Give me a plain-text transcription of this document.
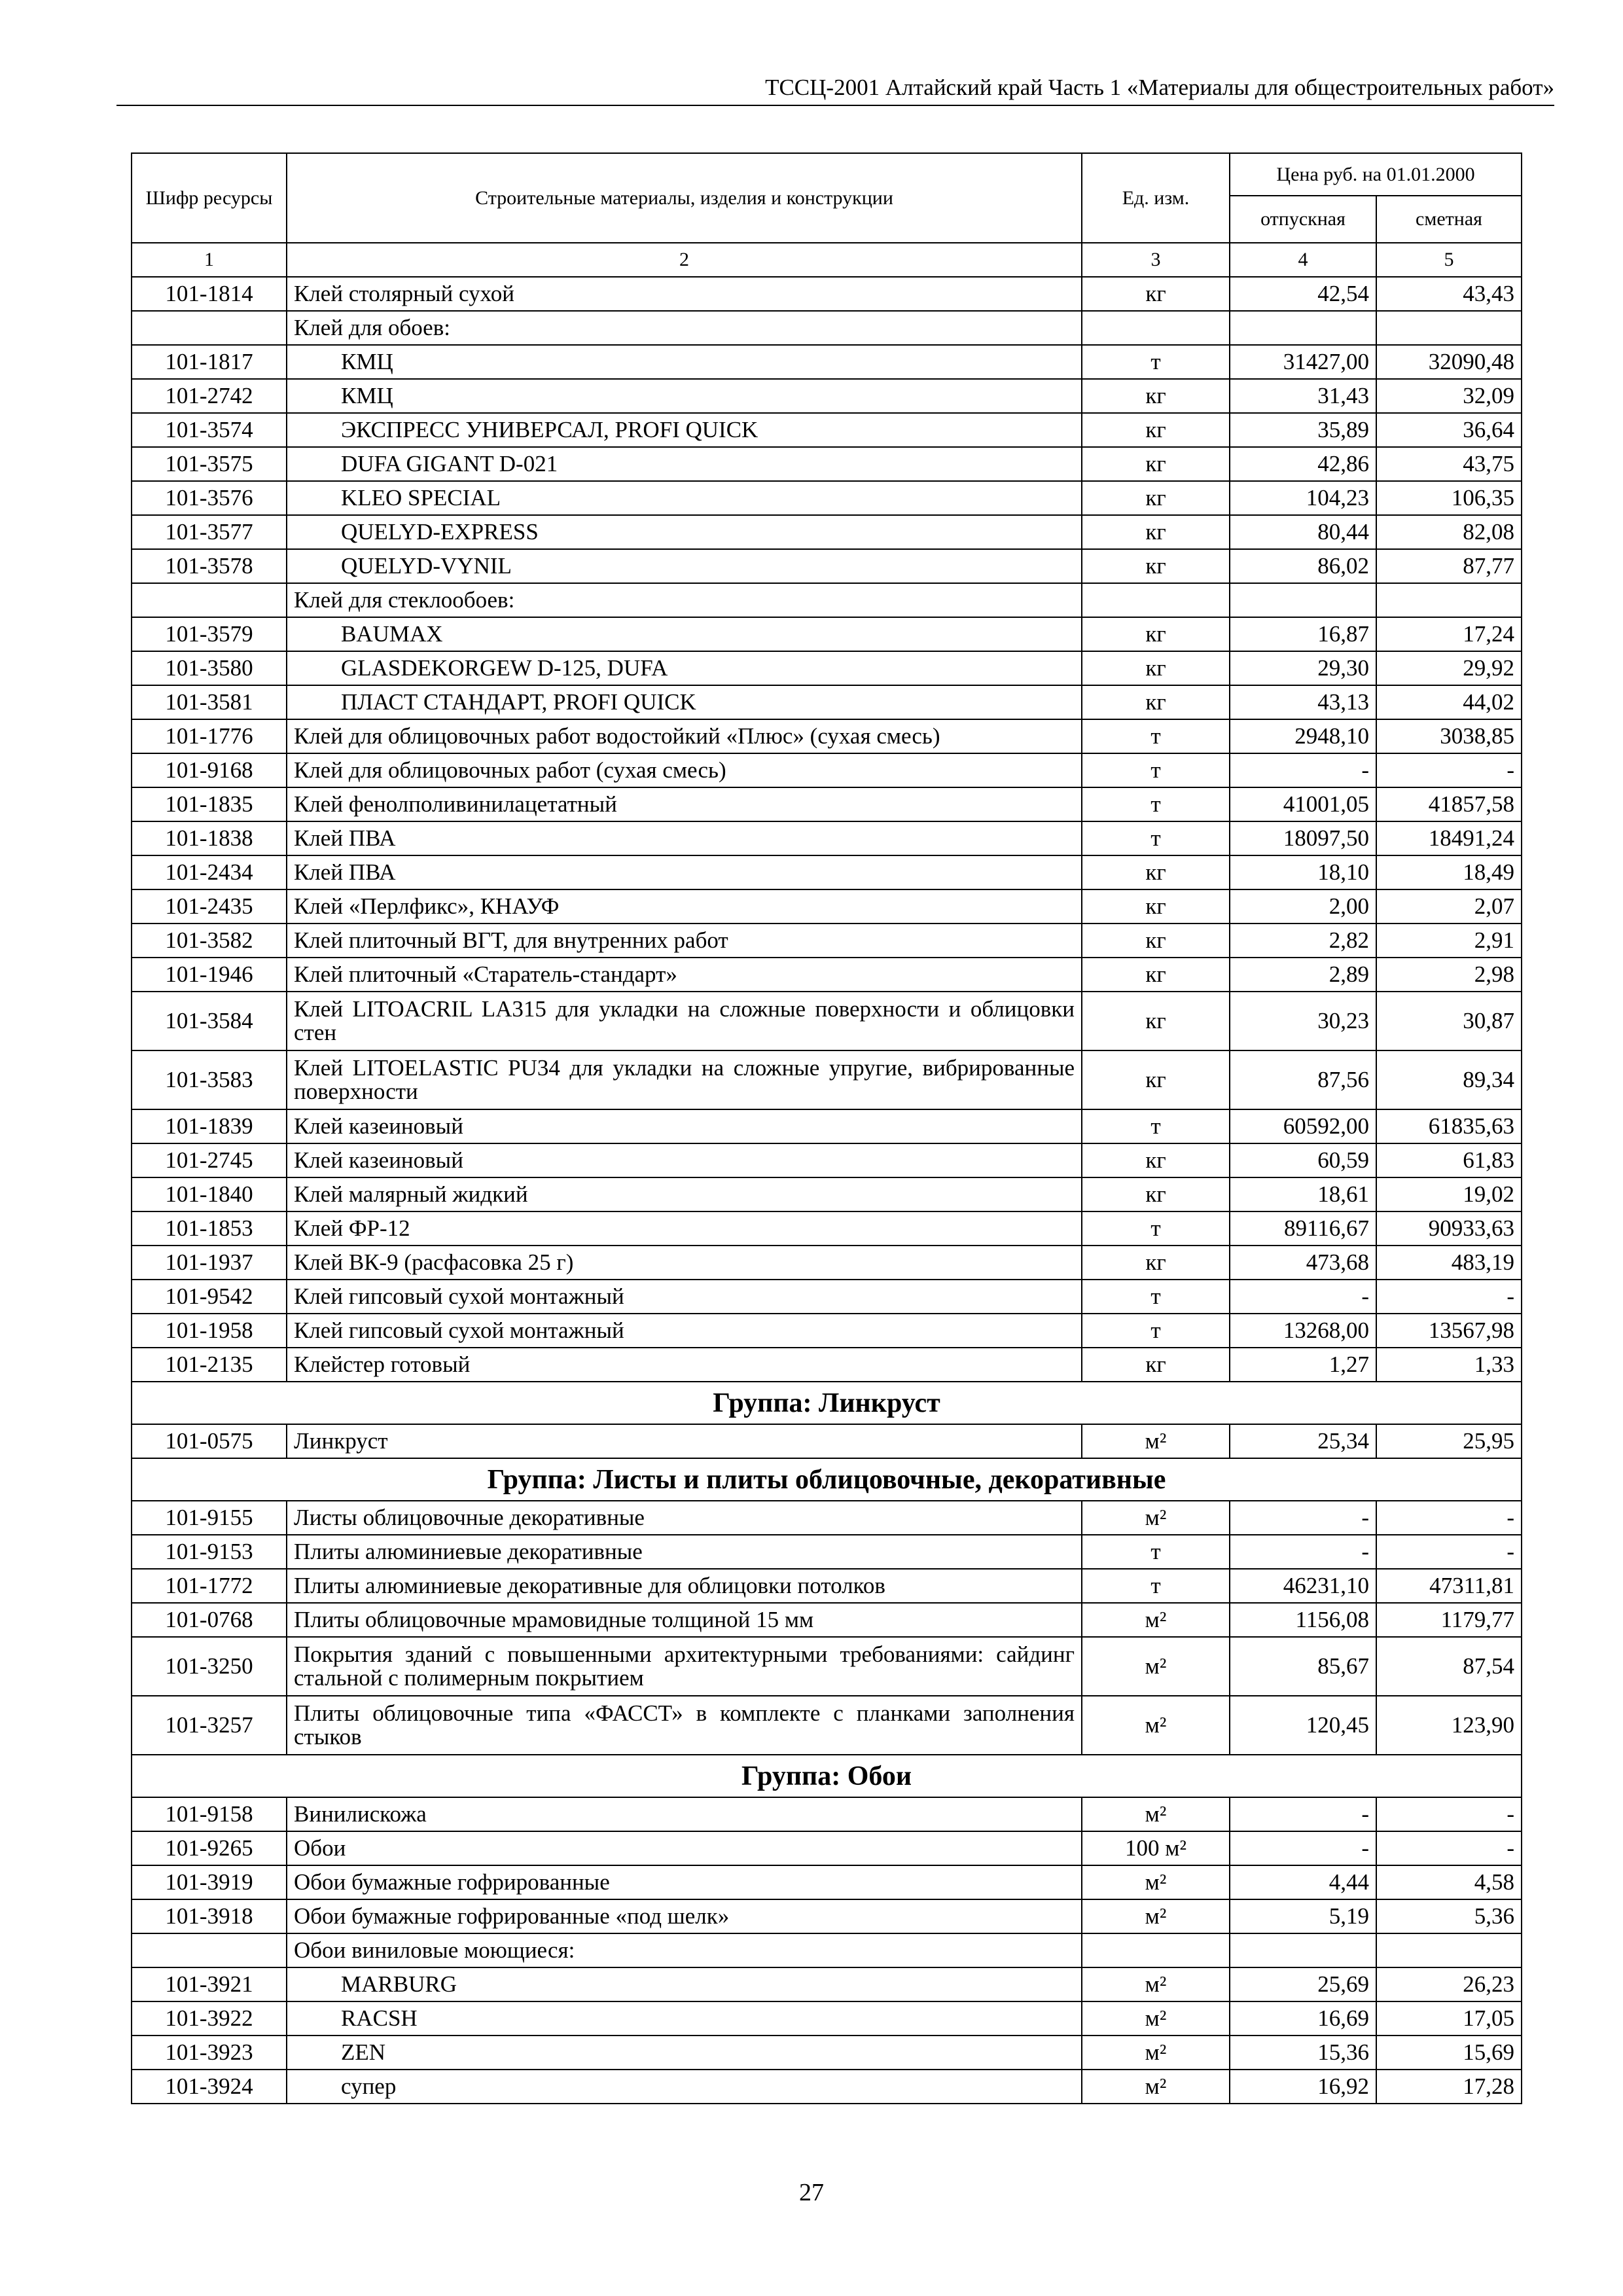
ТССЦ-2001 Алтайский край Часть 1 «Материалы для общестроительных работ»
Шифр ресурсы	Строительные материалы, изделия и конструкции	Ед. изм.	Цена руб. на 01.01.2000	
			отпускная	сметная
1	2	3	4	5
101-1814	Клей столярный сухой	кг	42,54	43,43
	Клей для обоев:			
101-1817	КМЦ	т	31427,00	32090,48
101-2742	КМЦ	кг	31,43	32,09
101-3574	ЭКСПРЕСС УНИВЕРСАЛ, PROFI QUICK	кг	35,89	36,64
101-3575	DUFA GIGANT D-021	кг	42,86	43,75
101-3576	KLEO SPECIAL	кг	104,23	106,35
101-3577	QUELYD-EXPRESS	кг	80,44	82,08
101-3578	QUELYD-VYNIL	кг	86,02	87,77
	Клей для стеклообоев:			
101-3579	BAUMAX	кг	16,87	17,24
101-3580	GLASDEKORGEW D-125, DUFA	кг	29,30	29,92
101-3581	ПЛАСТ СТАНДАРТ, PROFI QUICK	кг	43,13	44,02
101-1776	Клей для облицовочных работ водостойкий «Плюс» (сухая смесь)	т	2948,10	3038,85
101-9168	Клей для облицовочных работ (сухая смесь)	т	-	-
101-1835	Клей фенолполивинилацетатный	т	41001,05	41857,58
101-1838	Клей ПВА	т	18097,50	18491,24
101-2434	Клей ПВА	кг	18,10	18,49
101-2435	Клей «Перлфикс», КНАУФ	кг	2,00	2,07
101-3582	Клей плиточный ВГТ, для внутренних работ	кг	2,82	2,91
101-1946	Клей плиточный «Старатель-стандарт»	кг	2,89	2,98
101-3584	Клей LITOACRIL LA315 для укладки на сложные поверхности и облицовки стен	кг	30,23	30,87
101-3583	Клей LITOELASTIC PU34 для укладки на сложные упругие, вибрированные поверхности	кг	87,56	89,34
101-1839	Клей казеиновый	т	60592,00	61835,63
101-2745	Клей казеиновый	кг	60,59	61,83
101-1840	Клей малярный жидкий	кг	18,61	19,02
101-1853	Клей ФР-12	т	89116,67	90933,63
101-1937	Клей ВК-9 (расфасовка 25 г)	кг	473,68	483,19
101-9542	Клей гипсовый сухой монтажный	т	-	-
101-1958	Клей гипсовый сухой монтажный	т	13268,00	13567,98
101-2135	Клейстер готовый	кг	1,27	1,33
Группа: Линкруст				
101-0575	Линкруст	м²	25,34	25,95
Группа: Листы и плиты облицовочные, декоративные				
101-9155	Листы облицовочные декоративные	м²	-	-
101-9153	Плиты алюминиевые декоративные	т	-	-
101-1772	Плиты алюминиевые декоративные для облицовки потолков	т	46231,10	47311,81
101-0768	Плиты облицовочные мрамовидные толщиной 15 мм	м²	1156,08	1179,77
101-3250	Покрытия зданий с повышенными архитектурными требованиями: сайдинг стальной с полимерным покрытием	м²	85,67	87,54
101-3257	Плиты облицовочные типа «ФАССТ» в комплекте с планками заполнения стыков	м²	120,45	123,90
Группа: Обои				
101-9158	Винилискожа	м²	-	-
101-9265	Обои	100 м²	-	-
101-3919	Обои бумажные гофрированные	м²	4,44	4,58
101-3918	Обои бумажные гофрированные «под шелк»	м²	5,19	5,36
	Обои виниловые моющиеся:			
101-3921	MARBURG	м²	25,69	26,23
101-3922	RACSH	м²	16,69	17,05
101-3923	ZEN	м²	15,36	15,69
101-3924	супер	м²	16,92	17,28
27
